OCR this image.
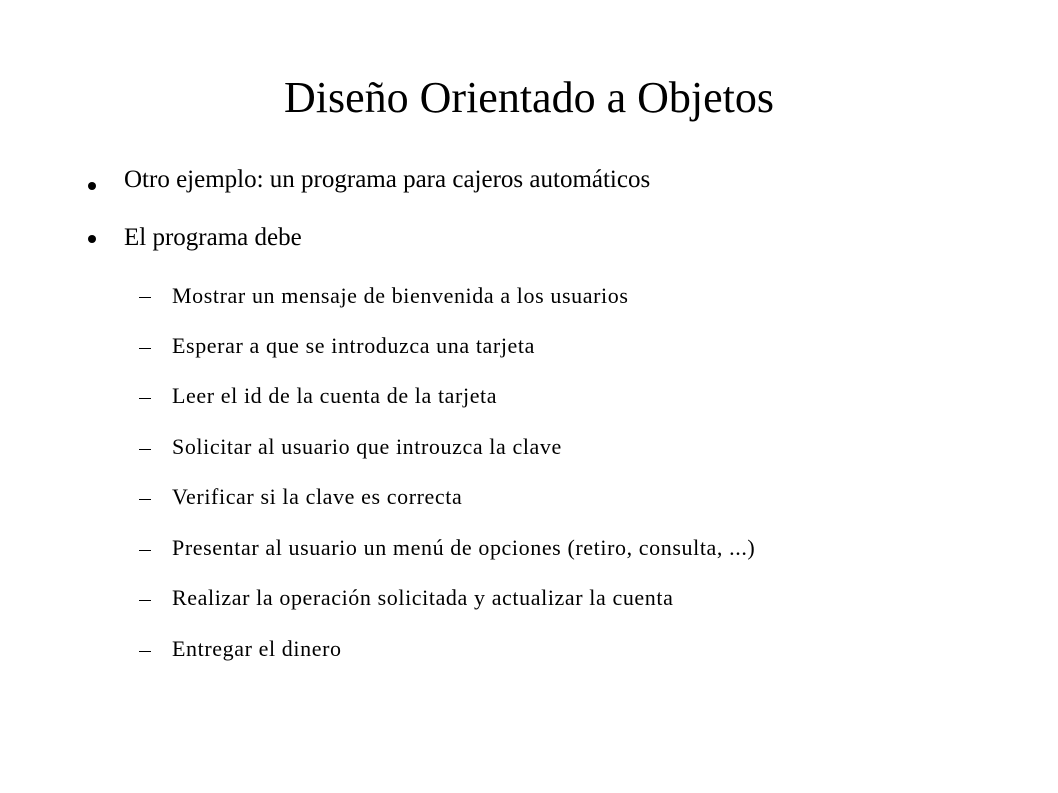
Diseño Orientado a Objetos
Otro ejemplo: un programa para cajeros automáticos
El programa debe
Mostrar un mensaje de bienvenida a los usuarios
Esperar a que se introduzca una tarjeta
Leer el id de la cuenta de la tarjeta
Solicitar al usuario que introuzca la clave
Verificar si la clave es correcta
Presentar al usuario un menú de opciones (retiro, consulta, ...)
Realizar la operación solicitada y actualizar la cuenta
Entregar el dinero
